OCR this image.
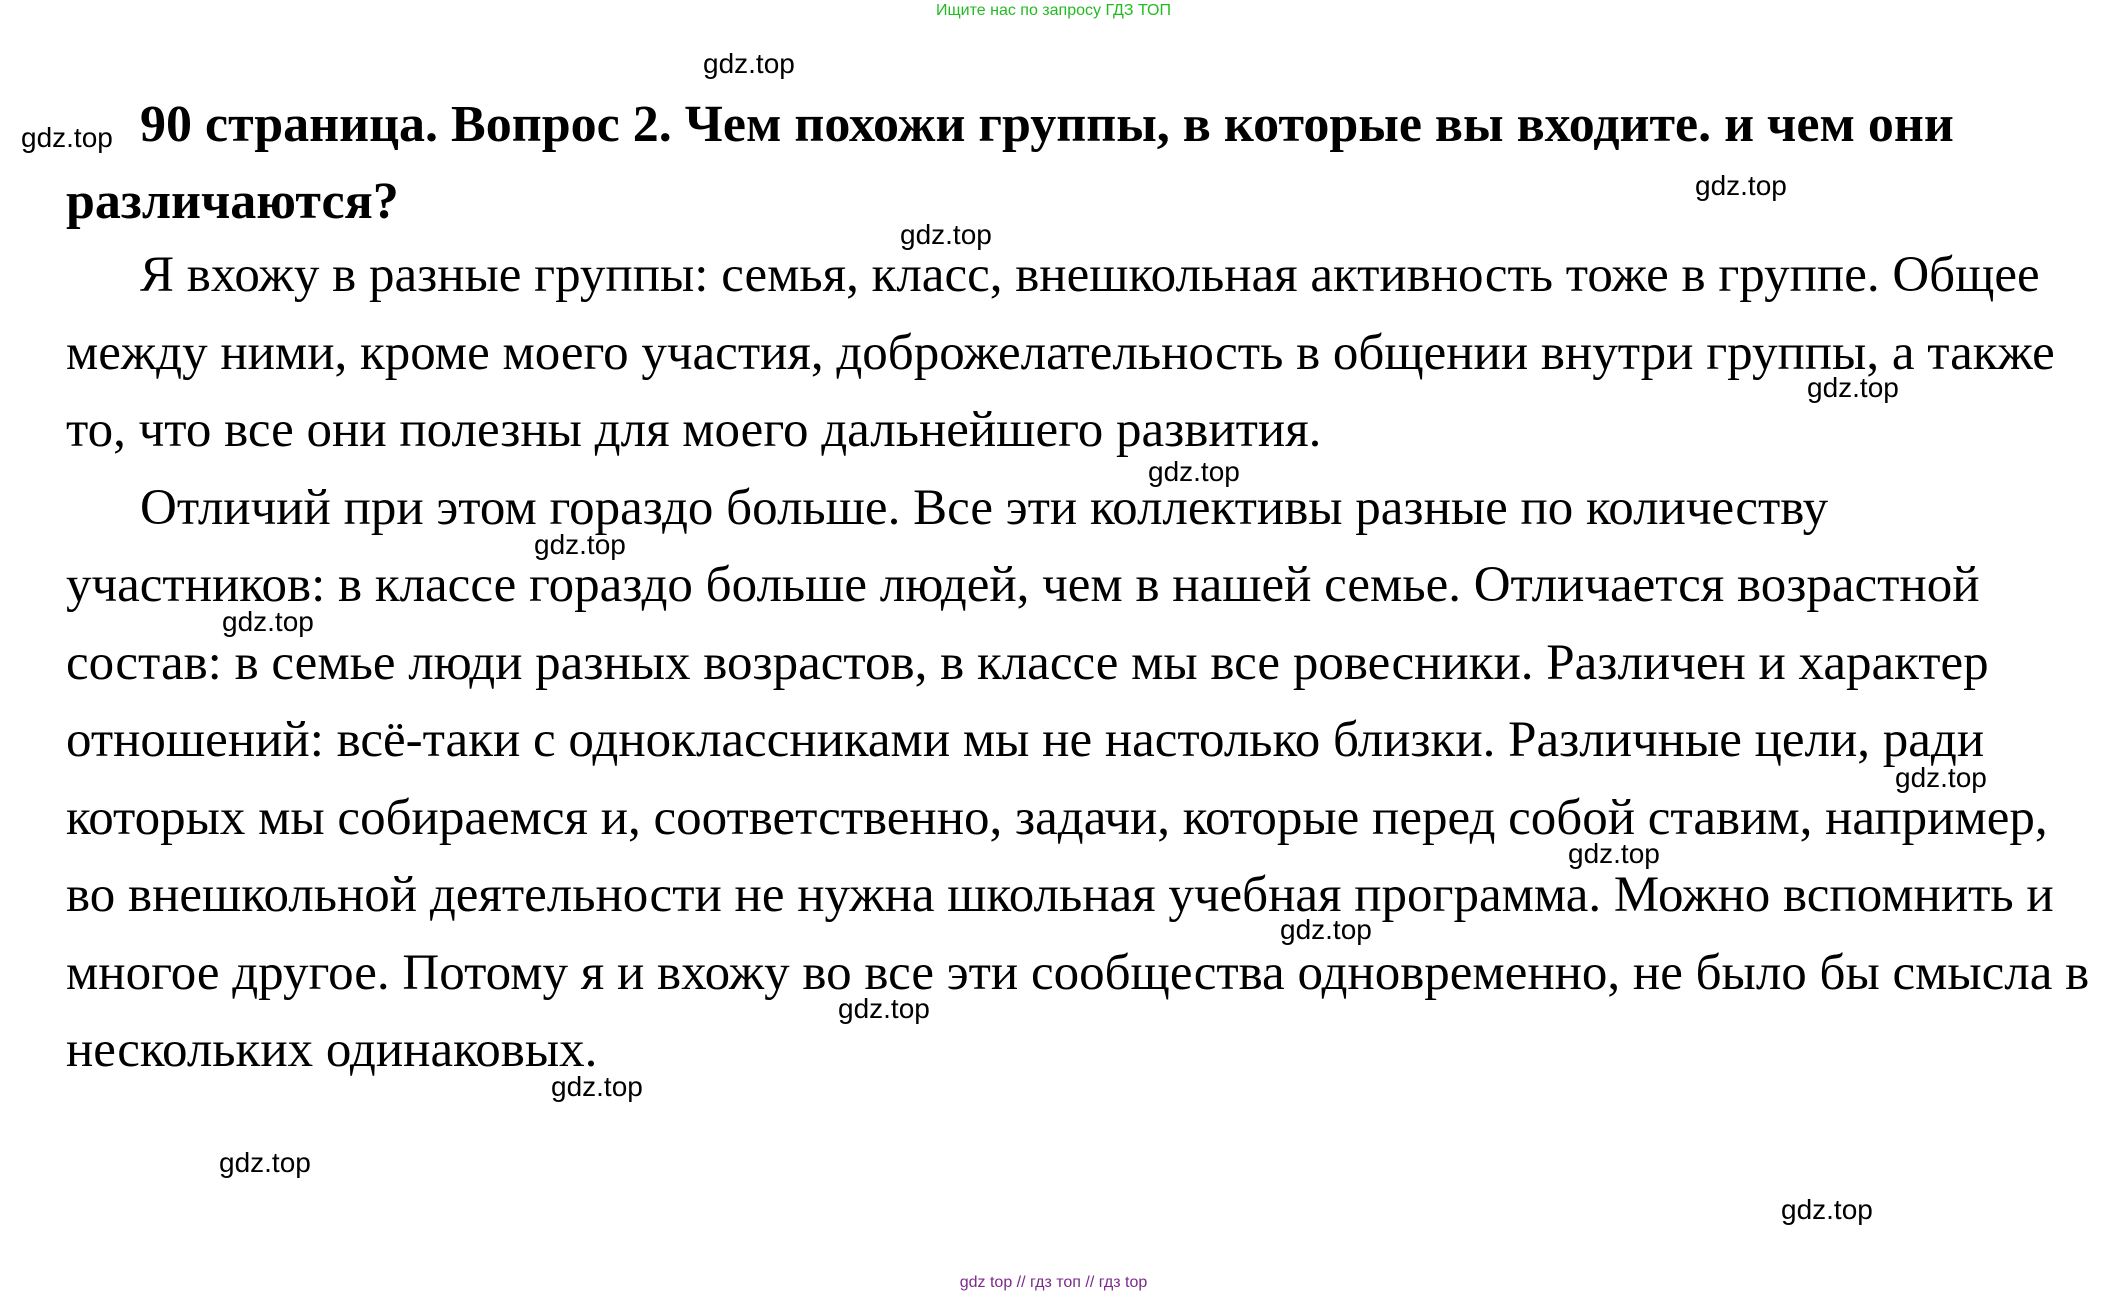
Ищите нас по запросу ГДЗ ТОП
90 страница. Вопрос 2. Чем похожи группы, в которые вы входите. и чем они различаются?

Я вхожу в разные группы: семья, класс, внешкольная активность тоже в группе. Общее между ними, кроме моего участия, доброжелательность в общении внутри группы, а также то, что все они полезны для моего дальнейшего развития.

Отличий при этом гораздо больше. Все эти коллективы разные по количеству участников: в классе гораздо больше людей, чем в нашей семье. Отличается возрастной состав: в семье люди разных возрастов, в классе мы все ровесники. Различен и характер отношений: всё-таки с одноклассниками мы не настолько близки. Различные цели, ради которых мы собираемся и, соответственно, задачи, которые перед собой ставим, например, во внешкольной деятельности не нужна школьная учебная программа. Можно вспомнить и многое другое. Потому я и вхожу во все эти сообщества одновременно, не было бы смысла в нескольких одинаковых.

gdz.top
gdz.top
gdz.top
gdz.top
gdz.top
gdz.top
gdz.top
gdz.top
gdz.top
gdz.top
gdz.top
gdz.top
gdz.top
gdz.top
gdz.top
gdz top // гдз топ // гдз top
